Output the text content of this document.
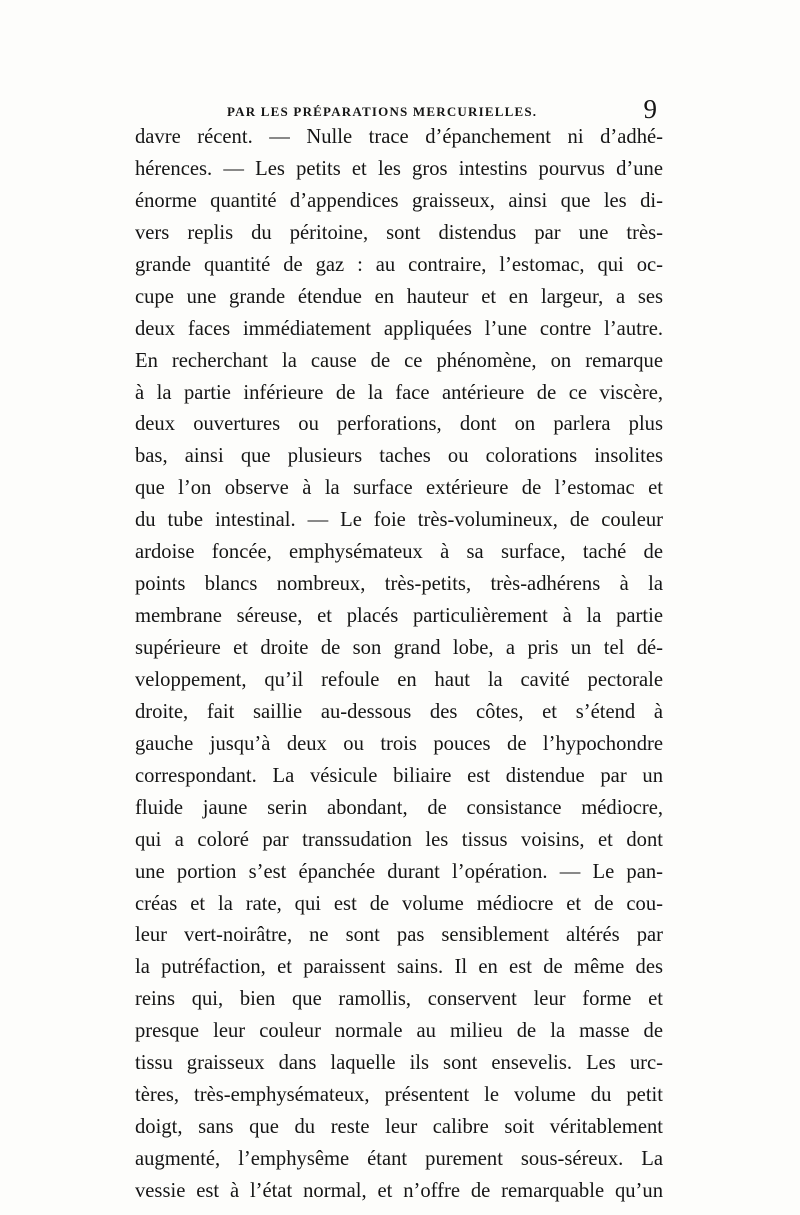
PAR LES PRÉPARATIONS MERCURIELLES.	9
davre récent. — Nulle trace d’épanchement ni d’adhé-
hérences. — Les petits et les gros intestins pourvus d’une
énorme quantité d’appendices graisseux, ainsi que les di-
vers replis du péritoine, sont distendus par une très-
grande quantité de gaz : au contraire, l’estomac, qui oc-
cupe une grande étendue en hauteur et en largeur, a ses
deux faces immédiatement appliquées l’une contre l’autre.
En recherchant la cause de ce phénomène, on remarque
à la partie inférieure de la face antérieure de ce viscère,
deux ouvertures ou perforations, dont on parlera plus
bas, ainsi que plusieurs taches ou colorations insolites
que l’on observe à la surface extérieure de l’estomac et
du tube intestinal. — Le foie très-volumineux, de couleur
ardoise foncée, emphysémateux à sa surface, taché de
points blancs nombreux, très-petits, très-adhérens à la
membrane séreuse, et placés particulièrement à la partie
supérieure et droite de son grand lobe, a pris un tel dé-
veloppement, qu’il refoule en haut la cavité pectorale
droite, fait saillie au-dessous des côtes, et s’étend à
gauche jusqu’à deux ou trois pouces de l’hypochondre
correspondant. La vésicule biliaire est distendue par un
fluide jaune serin abondant, de consistance médiocre,
qui a coloré par transsudation les tissus voisins, et dont
une portion s’est épanchée durant l’opération. — Le pan-
créas et la rate, qui est de volume médiocre et de cou-
leur vert-noirâtre, ne sont pas sensiblement altérés par
la putréfaction, et paraissent sains. Il en est de même des
reins qui, bien que ramollis, conservent leur forme et
presque leur couleur normale au milieu de la masse de
tissu graisseux dans laquelle ils sont ensevelis. Les urc-
tères, très-emphysémateux, présentent le volume du petit
doigt, sans que du reste leur calibre soit véritablement
augmenté, l’emphysême étant purement sous-séreux. La
vessie est à l’état normal, et n’offre de remarquable qu’un
